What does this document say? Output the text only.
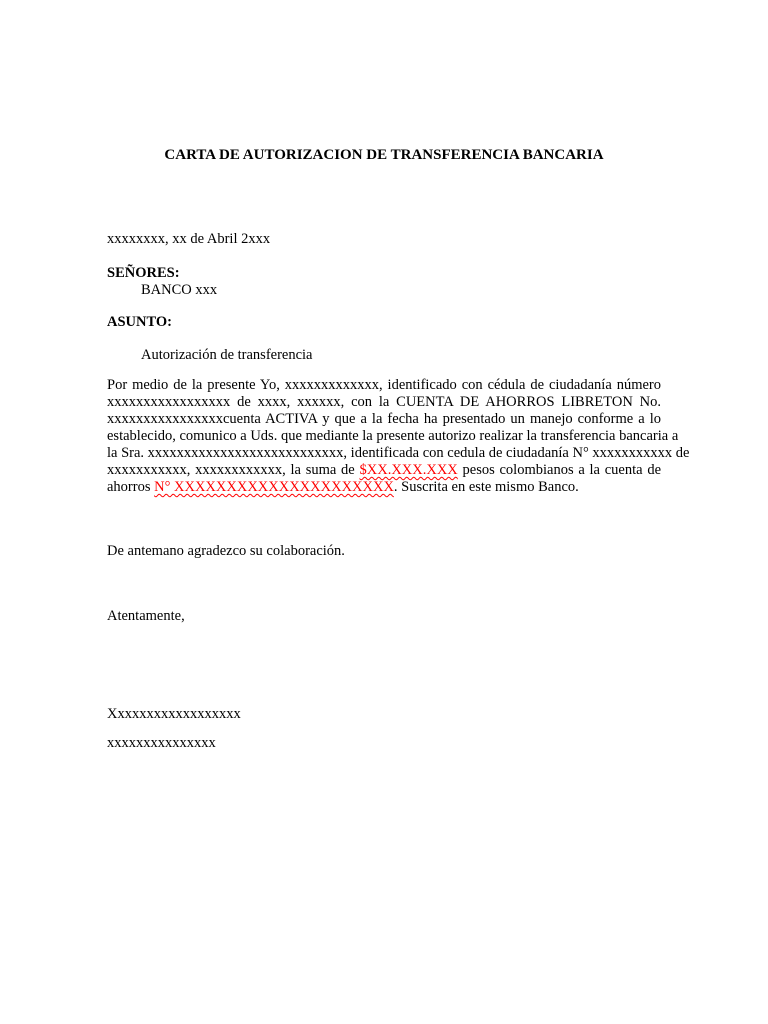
CARTA DE AUTORIZACION DE TRANSFERENCIA BANCARIA

xxxxxxxx, xx de Abril 2xxx

SEÑORES:

BANCO xxx

ASUNTO:

Autorización de transferencia

Por medio de la presente Yo, xxxxxxxxxxxxx, identificado con cédula de ciudadanía número
xxxxxxxxxxxxxxxxx de xxxx, xxxxxx, con la CUENTA DE AHORROS LIBRETON No.
xxxxxxxxxxxxxxxxcuenta ACTIVA y que a la fecha ha presentado un manejo conforme a lo
establecido, comunico a Uds. que mediante la presente autorizo realizar la transferencia bancaria a
la Sra. xxxxxxxxxxxxxxxxxxxxxxxxxxx, identificada con cedula de ciudadanía N° xxxxxxxxxxx de
xxxxxxxxxxx, xxxxxxxxxxxx, la suma de $XX.XXX.XXX pesos colombianos a la cuenta de
ahorros N° XXXXXXXXXXXXXXXXXXXXX. Suscrita en este mismo Banco.

De antemano agradezco su colaboración.

Atentamente,

Xxxxxxxxxxxxxxxxxx

xxxxxxxxxxxxxxx
